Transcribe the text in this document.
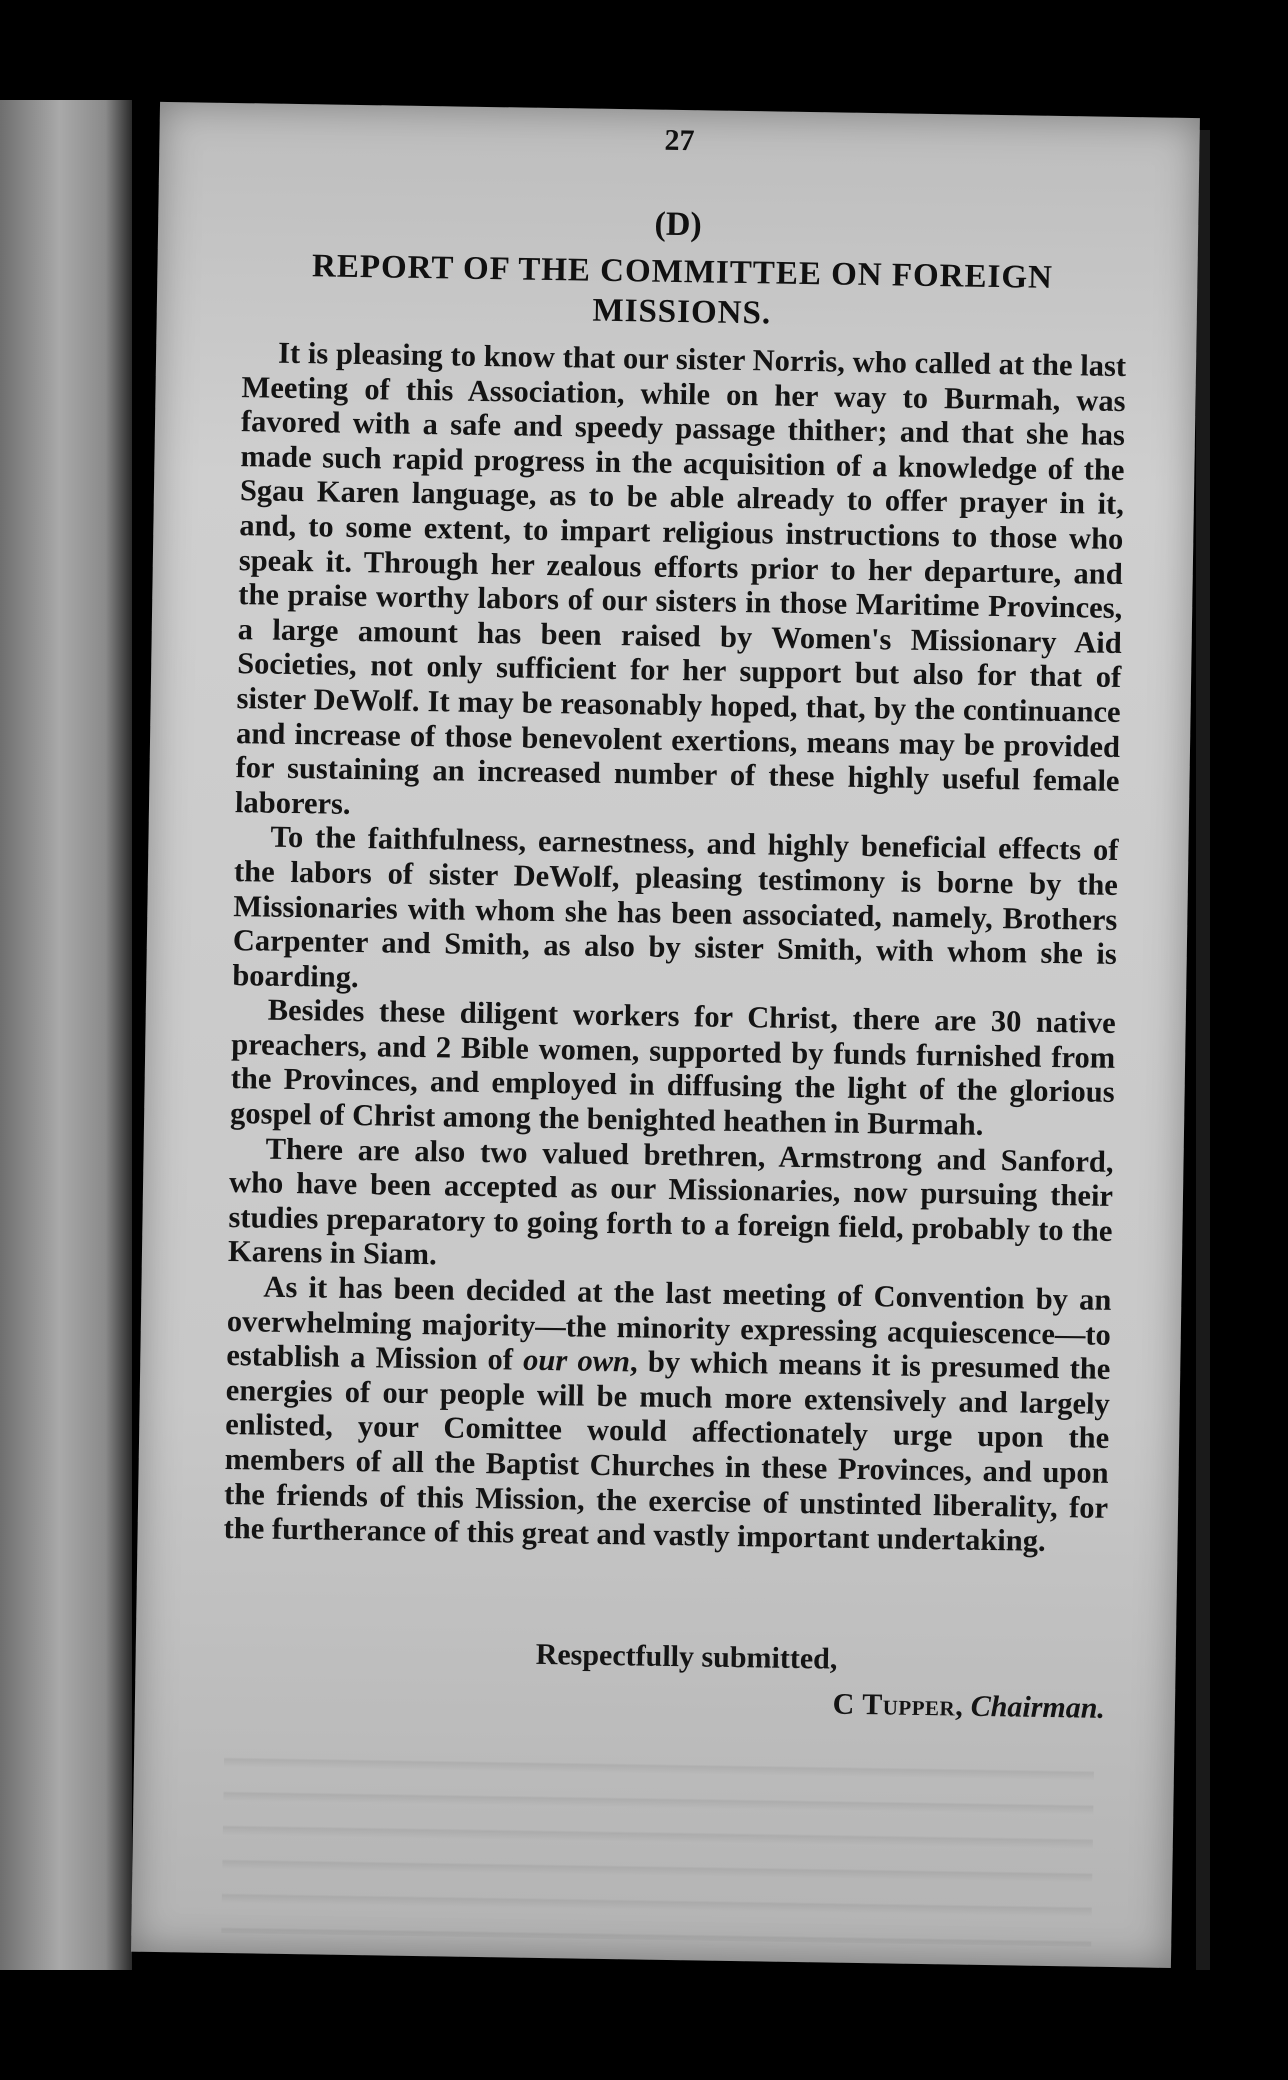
27
(D)
REPORT OF THE COMMITTEE ON FOREIGN MISSIONS.

It is pleasing to know that our sister Norris, who called at the last Meeting of this Association, while on her way to Burmah, was favored with a safe and speedy passage thither; and that she has made such rapid progress in the acquisition of a knowledge of the Sgau Karen language, as to be able already to offer prayer in it, and, to some extent, to impart religious instructions to those who speak it. Through her zealous efforts prior to her departure, and the praise worthy labors of our sisters in those Maritime Provinces, a large amount has been raised by Women's Missionary Aid Societies, not only sufficient for her support but also for that of sister DeWolf. It may be reasonably hoped, that, by the continuance and increase of those benevolent exertions, means may be provided for sustaining an increased number of these highly useful female laborers.

To the faithfulness, earnestness, and highly beneficial effects of the labors of sister DeWolf, pleasing testimony is borne by the Missionaries with whom she has been associated, namely, Brothers Carpenter and Smith, as also by sister Smith, with whom she is boarding.

Besides these diligent workers for Christ, there are 30 native preachers, and 2 Bible women, supported by funds furnished from the Provinces, and employed in diffusing the light of the glorious gospel of Christ among the benighted heathen in Burmah.

There are also two valued brethren, Armstrong and Sanford, who have been accepted as our Missionaries, now pursuing their studies preparatory to going forth to a foreign field, probably to the Karens in Siam.

As it has been decided at the last meeting of Convention by an overwhelming majority—the minority expressing acquiescence—to establish a Mission of our own, by which means it is presumed the energies of our people will be much more extensively and largely enlisted, your Comittee would affectionately urge upon the members of all the Baptist Churches in these Provinces, and upon the friends of this Mission, the exercise of unstinted liberality, for the furtherance of this great and vastly important undertaking.

Respectfully submitted,
C Tupper, Chairman.
